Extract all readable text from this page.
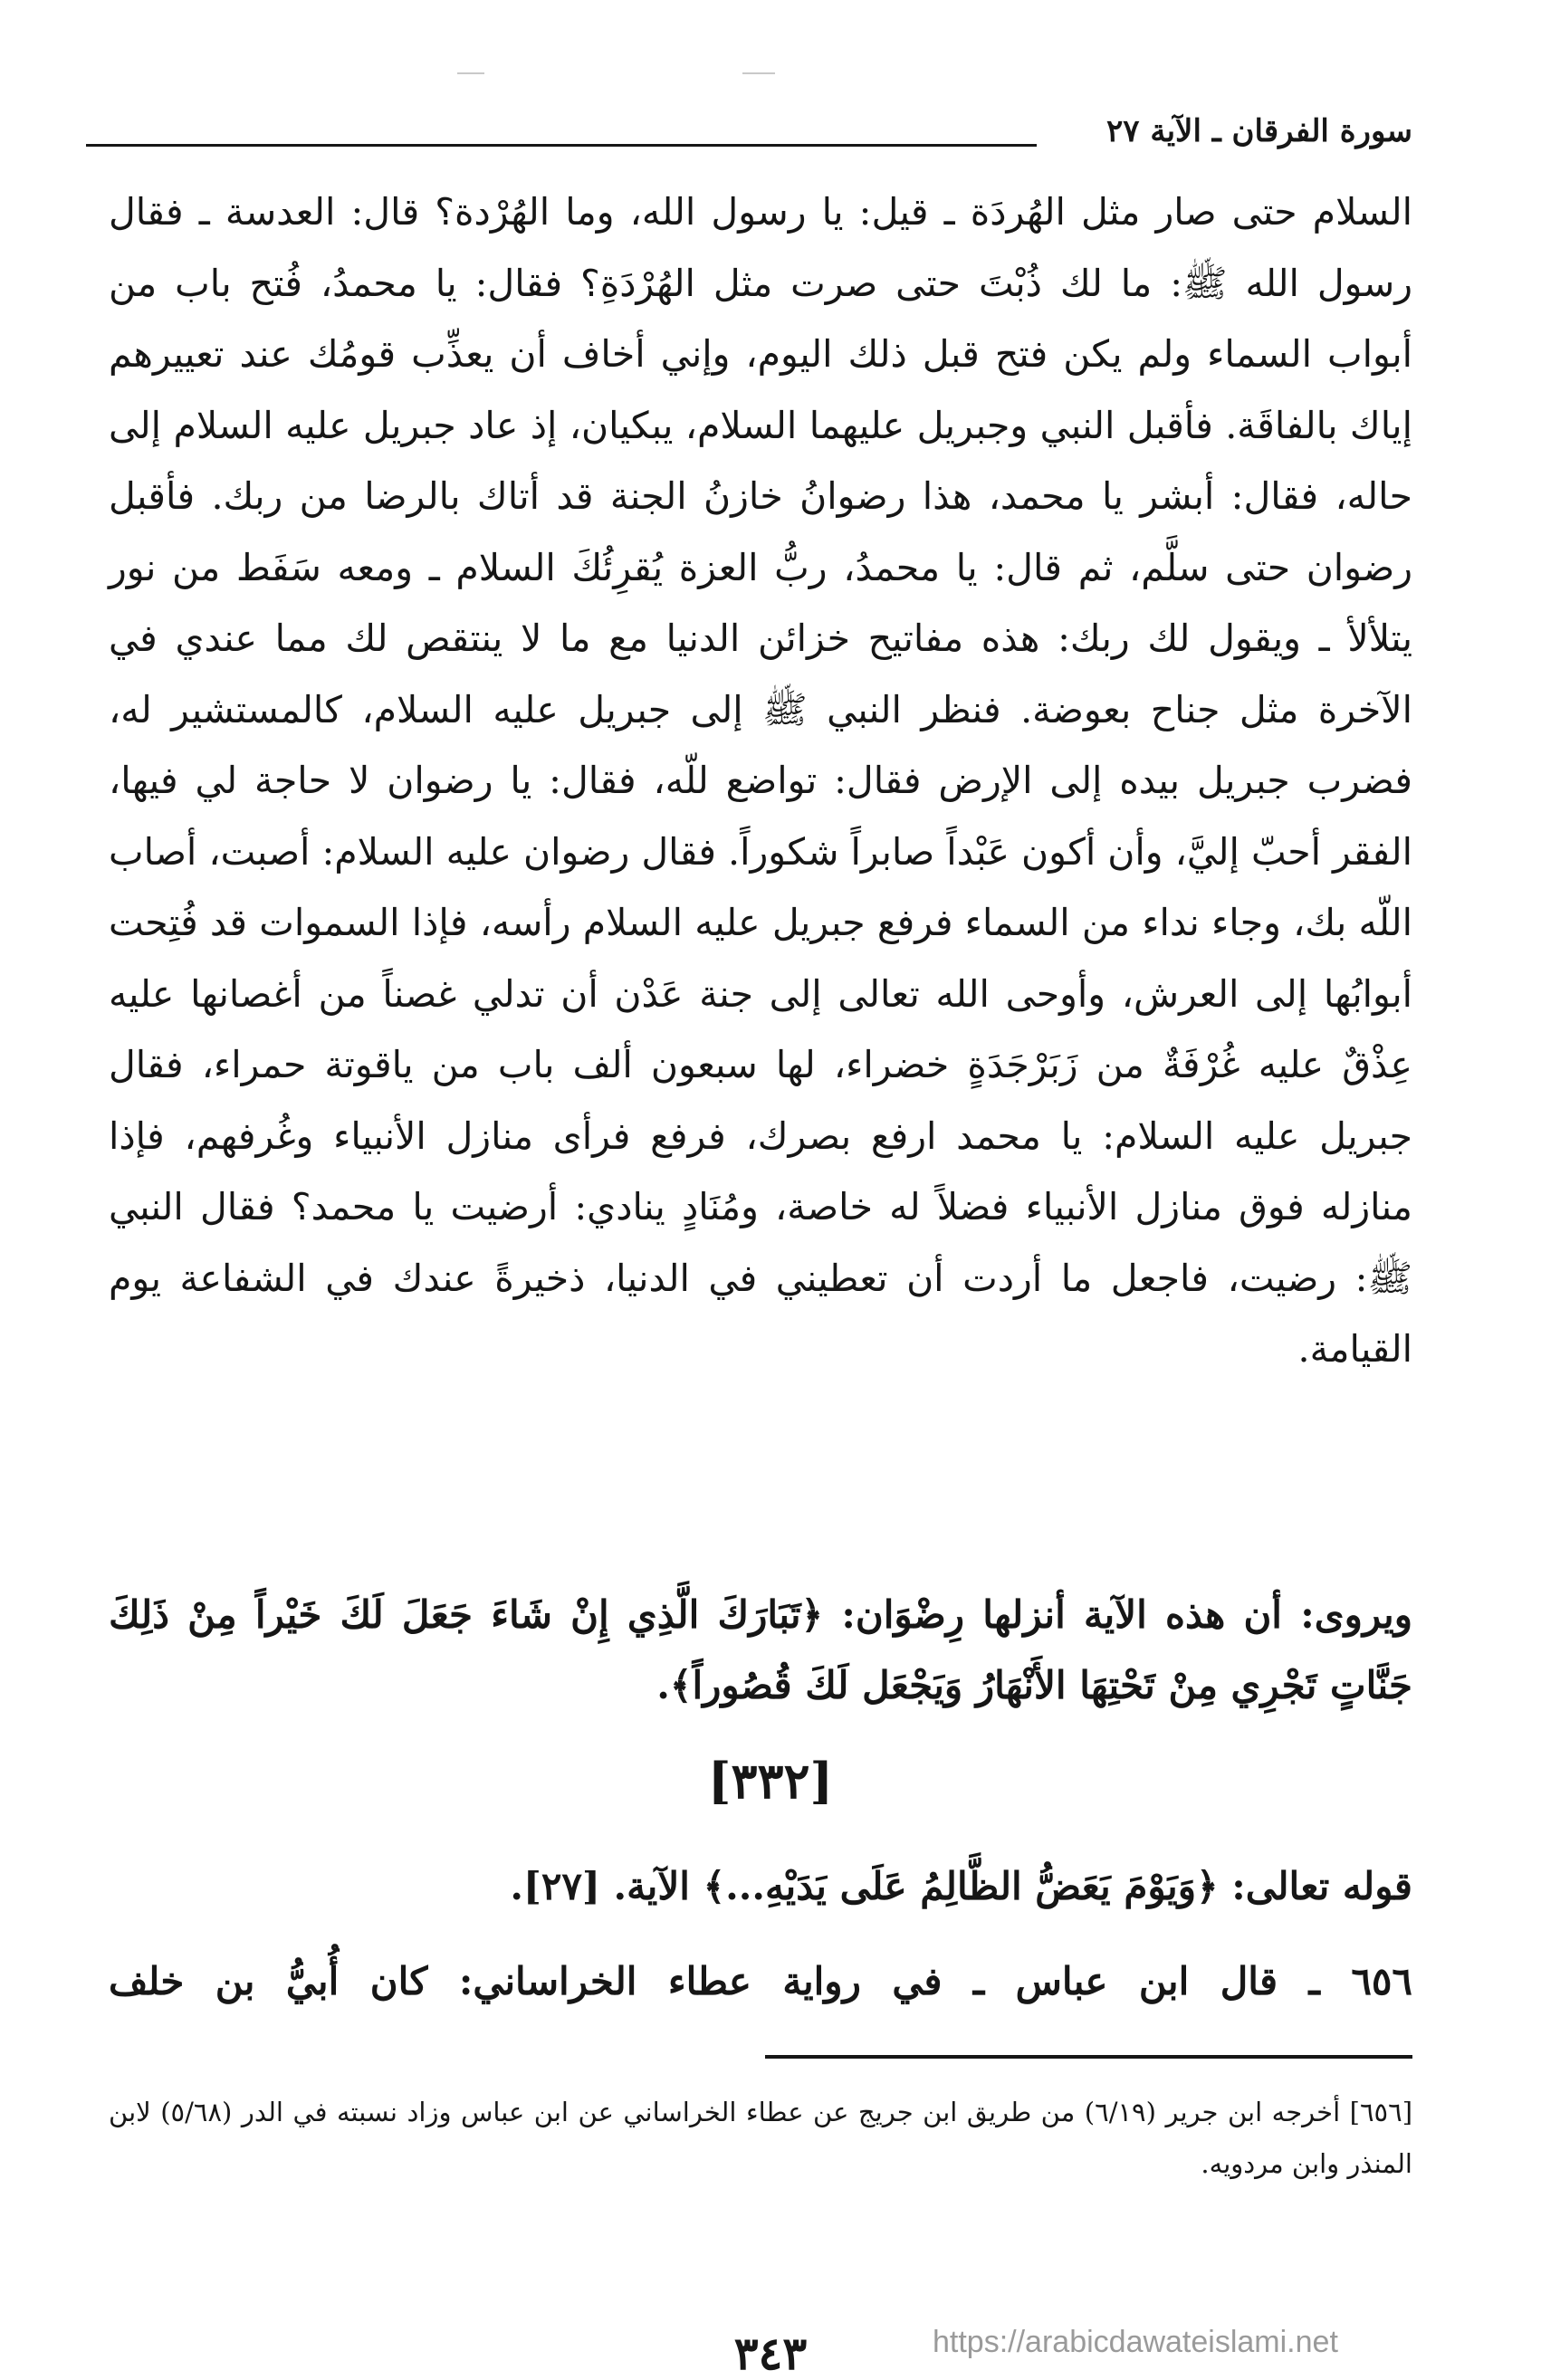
سورة الفرقان ـ الآية ٢٧

السلام حتى صار مثل الهُردَة ـ قيل: يا رسول الله، وما الهُرْدة؟ قال: العدسة ـ فقال رسول الله ﷺ: ما لك ذُبْتَ حتى صرت مثل الهُرْدَةِ؟ فقال: يا محمدُ، فُتح باب من أبواب السماء ولم يكن فتح قبل ذلك اليوم، وإني أخاف أن يعذِّب قومُك عند تعييرهم إياك بالفاقَة. فأقبل النبي وجبريل عليهما السلام، يبكيان، إذ عاد جبريل عليه السلام إلى حاله، فقال: أبشر يا محمد، هذا رضوانُ خازنُ الجنة قد أتاك بالرضا من ربك. فأقبل رضوان حتى سلَّم، ثم قال: يا محمدُ، ربُّ العزة يُقرِئُكَ السلام ـ ومعه سَفَط من نور يتلألأ ـ ويقول لك ربك: هذه مفاتيح خزائن الدنيا مع ما لا ينتقص لك مما عندي في الآخرة مثل جناح بعوضة. فنظر النبي ﷺ إلى جبريل عليه السلام، كالمستشير له، فضرب جبريل بيده إلى الإرض فقال: تواضع للّه، فقال: يا رضوان لا حاجة لي فيها، الفقر أحبّ إليَّ، وأن أكون عَبْداً صابراً شكوراً. فقال رضوان عليه السلام: أصبت، أصاب اللّه بك، وجاء نداء من السماء فرفع جبريل عليه السلام رأسه، فإذا السموات قد فُتِحت أبوابُها إلى العرش، وأوحى الله تعالى إلى جنة عَدْن أن تدلي غصناً من أغصانها عليه عِذْقٌ عليه غُرْفَةٌ من زَبَرْجَدَةٍ خضراء، لها سبعون ألف باب من ياقوتة حمراء، فقال جبريل عليه السلام: يا محمد ارفع بصرك، فرفع فرأى منازل الأنبياء وغُرفهم، فإذا منازله فوق منازل الأنبياء فضلاً له خاصة، ومُنَادٍ ينادي: أرضيت يا محمد؟ فقال النبي ﷺ: رضيت، فاجعل ما أردت أن تعطيني في الدنيا، ذخيرةً عندك في الشفاعة يوم القيامة.

ويروى: أن هذه الآية أنزلها رِضْوَان: ﴿تَبَارَكَ الَّذِي إِنْ شَاءَ جَعَلَ لَكَ خَيْراً مِنْ ذَلِكَ جَنَّاتٍ تَجْرِي مِنْ تَحْتِهَا الأَنْهَارُ وَيَجْعَل لَكَ قُصُوراً﴾.

[٣٣٢]
قوله تعالى: ﴿وَيَوْمَ يَعَضُّ الظَّالِمُ عَلَى يَدَيْهِ...﴾ الآية. [٢٧].
٦٥٦ ـ قال ابن عباس ـ في رواية عطاء الخراساني: كان أُبيُّ بن خلف

[٦٥٦] أخرجه ابن جرير (٦/١٩) من طريق ابن جريج عن عطاء الخراساني عن ابن عباس وزاد نسبته في الدر (٥/٦٨) لابن المنذر وابن مردويه.

https://arabicdawateislami.net
٣٤٣
